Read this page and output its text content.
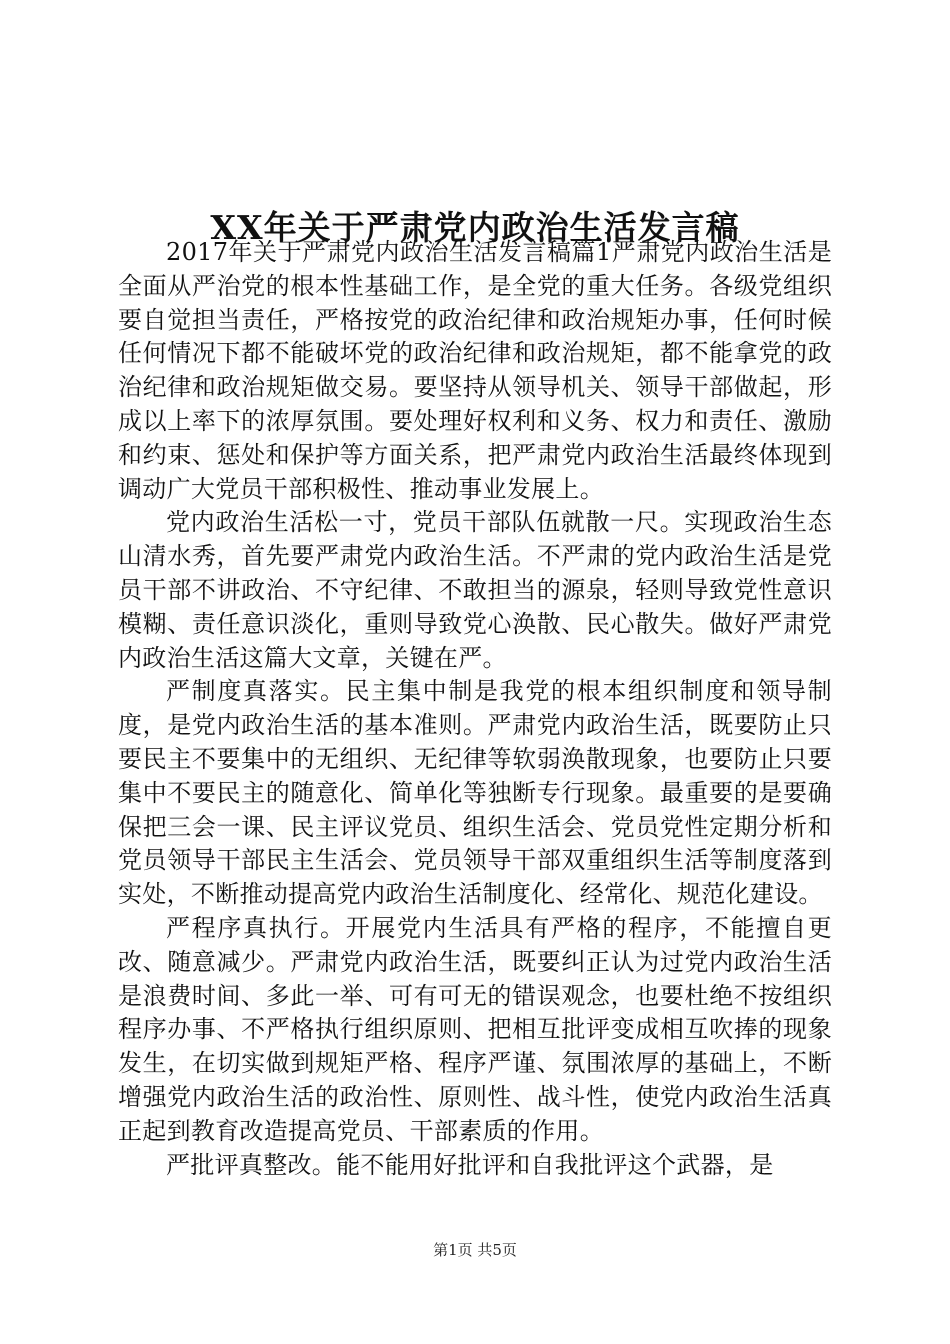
XX年关于严肃党内政治生活发言稿

2017年关于严肃党内政治生活发言稿篇1严肃党内政治生活是全面从严治党的根本性基础工作，是全党的重大任务。各级党组织要自觉担当责任，严格按党的政治纪律和政治规矩办事，任何时候任何情况下都不能破坏党的政治纪律和政治规矩，都不能拿党的政治纪律和政治规矩做交易。要坚持从领导机关、领导干部做起，形成以上率下的浓厚氛围。要处理好权利和义务、权力和责任、激励和约束、惩处和保护等方面关系，把严肃党内政治生活最终体现到调动广大党员干部积极性、推动事业发展上。

党内政治生活松一寸，党员干部队伍就散一尺。实现政治生态山清水秀，首先要严肃党内政治生活。不严肃的党内政治生活是党员干部不讲政治、不守纪律、不敢担当的源泉，轻则导致党性意识模糊、责任意识淡化，重则导致党心涣散、民心散失。做好严肃党内政治生活这篇大文章，关键在严。

严制度真落实。民主集中制是我党的根本组织制度和领导制度，是党内政治生活的基本准则。严肃党内政治生活，既要防止只要民主不要集中的无组织、无纪律等软弱涣散现象，也要防止只要集中不要民主的随意化、简单化等独断专行现象。最重要的是要确保把三会一课、民主评议党员、组织生活会、党员党性定期分析和党员领导干部民主生活会、党员领导干部双重组织生活等制度落到实处，不断推动提高党内政治生活制度化、经常化、规范化建设。

严程序真执行。开展党内生活具有严格的程序，不能擅自更改、随意减少。严肃党内政治生活，既要纠正认为过党内政治生活是浪费时间、多此一举、可有可无的错误观念，也要杜绝不按组织程序办事、不严格执行组织原则、把相互批评变成相互吹捧的现象发生，在切实做到规矩严格、程序严谨、氛围浓厚的基础上，不断增强党内政治生活的政治性、原则性、战斗性，使党内政治生活真正起到教育改造提高党员、干部素质的作用。

严批评真整改。能不能用好批评和自我批评这个武器，是

第1页 共5页
